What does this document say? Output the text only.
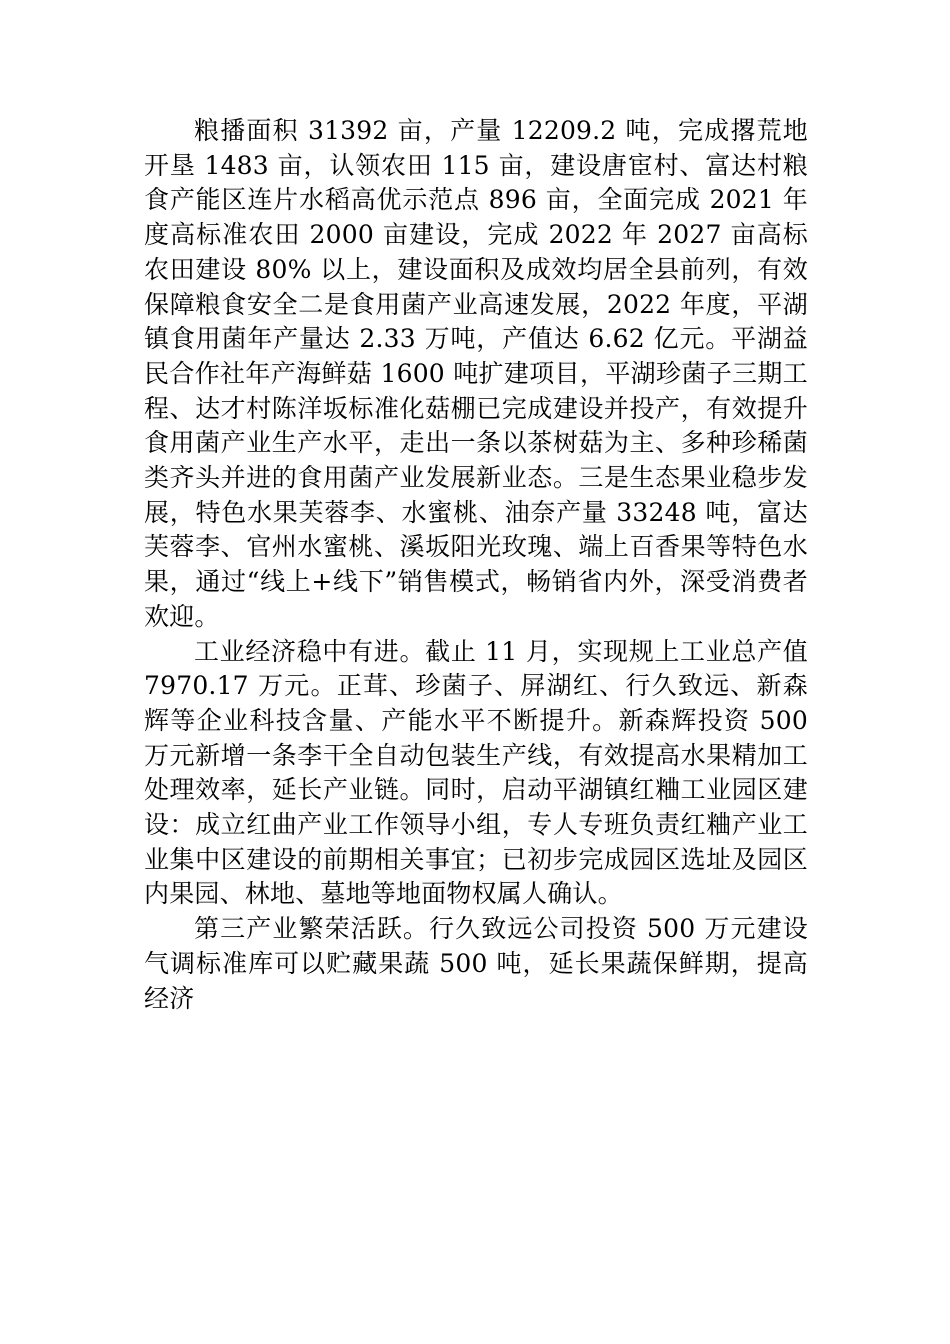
粮播面积 31392 亩，产量 12209.2 吨，完成撂荒地开垦 1483 亩，认领农田 115 亩，建设唐宦村、富达村粮食产能区连片水稻高优示范点 896 亩，全面完成 2021 年度高标准农田 2000 亩建设，完成 2022 年 2027 亩高标农田建设 80% 以上，建设面积及成效均居全县前列，有效保障粮食安全二是食用菌产业高速发展，2022 年度，平湖镇食用菌年产量达 2.33 万吨，产值达 6.62 亿元。平湖益民合作社年产海鲜菇 1600 吨扩建项目，平湖珍菌子三期工程、达才村陈洋坂标准化菇棚已完成建设并投产，有效提升食用菌产业生产水平，走出一条以茶树菇为主、多种珍稀菌类齐头并进的食用菌产业发展新业态。三是生态果业稳步发展，特色水果芙蓉李、水蜜桃、油奈产量 33248 吨，富达芙蓉李、官州水蜜桃、溪坂阳光玫瑰、端上百香果等特色水果，通过“线上+线下”销售模式，畅销省内外，深受消费者欢迎。

工业经济稳中有进。截止 11 月，实现规上工业总产值 7970.17 万元。正茸、珍菌子、屏湖红、行久致远、新森辉等企业科技含量、产能水平不断提升。新森辉投资 500 万元新增一条李干全自动包装生产线，有效提高水果精加工处理效率，延长产业链。同时，启动平湖镇红粬工业园区建设：成立红曲产业工作领导小组，专人专班负责红粬产业工业集中区建设的前期相关事宜；已初步完成园区选址及园区内果园、林地、墓地等地面物权属人确认。

第三产业繁荣活跃。行久致远公司投资 500 万元建设气调标准库可以贮藏果蔬 500 吨，延长果蔬保鲜期，提高经济
